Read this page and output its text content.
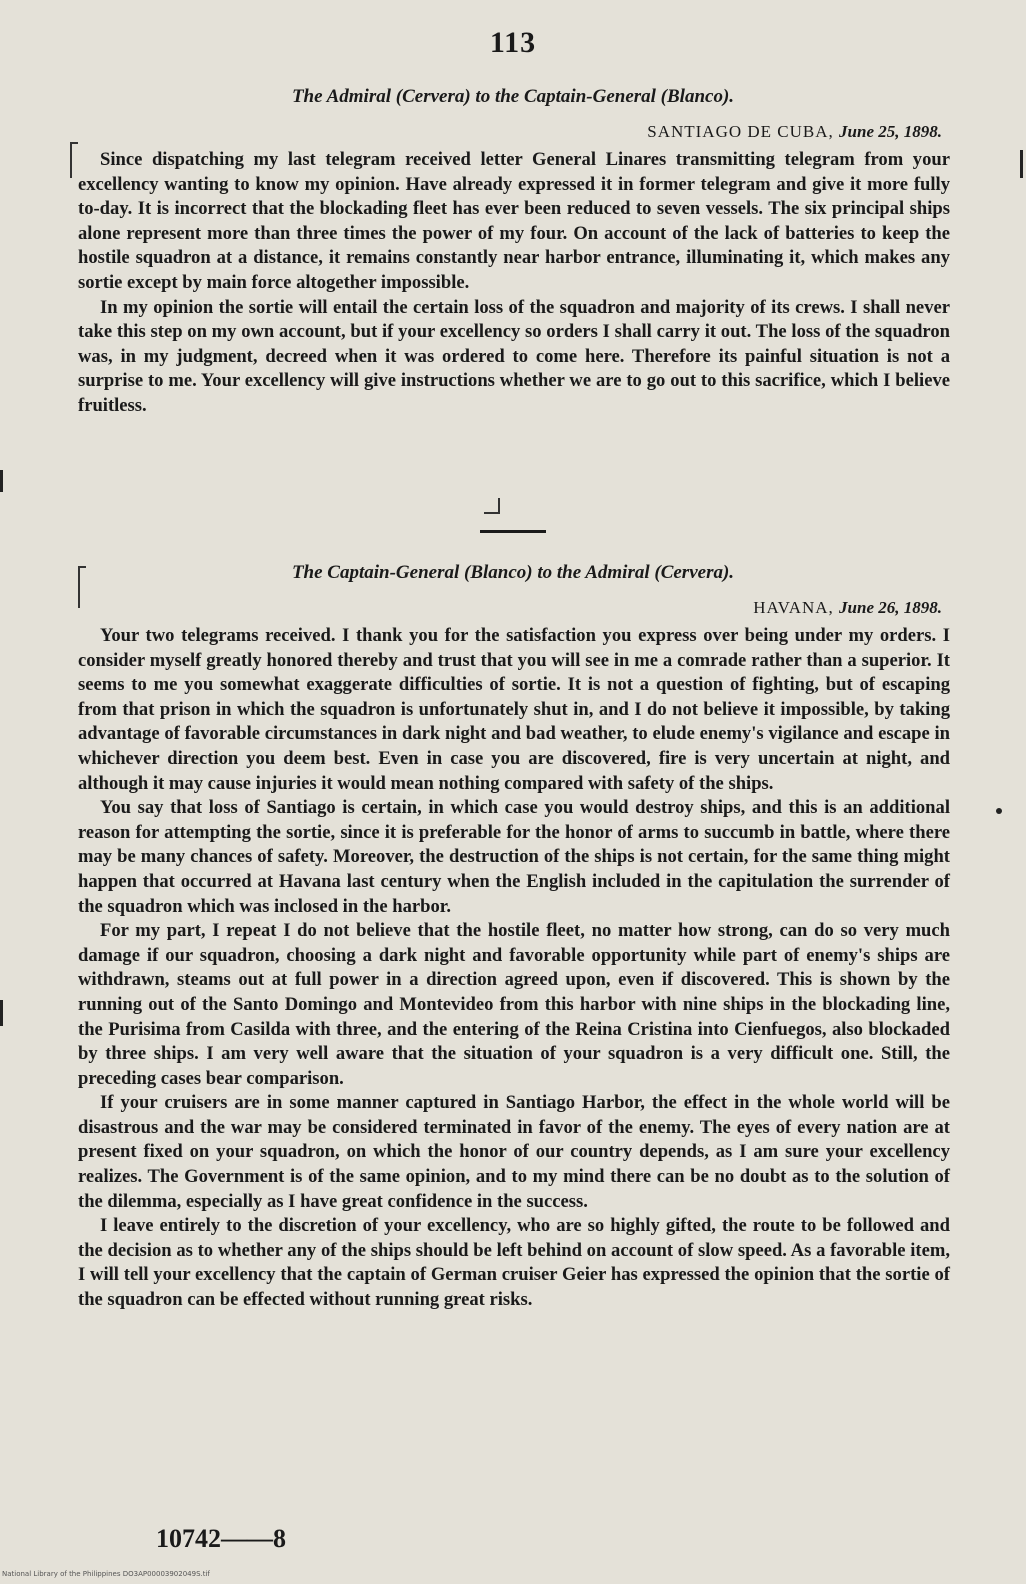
113
The Admiral (Cervera) to the Captain-General (Blanco).
SANTIAGO DE CUBA, June 25, 1898.

Since dispatching my last telegram received letter General Linares transmitting telegram from your excellency wanting to know my opinion. Have already expressed it in former telegram and give it more fully to-day. It is incorrect that the blockading fleet has ever been reduced to seven vessels. The six principal ships alone represent more than three times the power of my four. On account of the lack of batteries to keep the hostile squadron at a distance, it remains constantly near harbor entrance, illuminating it, which makes any sortie except by main force altogether impossible.

In my opinion the sortie will entail the certain loss of the squadron and majority of its crews. I shall never take this step on my own account, but if your excellency so orders I shall carry it out. The loss of the squadron was, in my judgment, decreed when it was ordered to come here. Therefore its painful situation is not a surprise to me. Your excellency will give instructions whether we are to go out to this sacrifice, which I believe fruitless.

The Captain-General (Blanco) to the Admiral (Cervera).
HAVANA, June 26, 1898.

Your two telegrams received. I thank you for the satisfaction you express over being under my orders. I consider myself greatly honored thereby and trust that you will see in me a comrade rather than a superior. It seems to me you somewhat exaggerate difficulties of sortie. It is not a question of fighting, but of escaping from that prison in which the squadron is unfortunately shut in, and I do not believe it impossible, by taking advantage of favorable circumstances in dark night and bad weather, to elude enemy's vigilance and escape in whichever direction you deem best. Even in case you are discovered, fire is very uncertain at night, and although it may cause injuries it would mean nothing compared with safety of the ships.

You say that loss of Santiago is certain, in which case you would destroy ships, and this is an additional reason for attempting the sortie, since it is preferable for the honor of arms to succumb in battle, where there may be many chances of safety. Moreover, the destruction of the ships is not certain, for the same thing might happen that occurred at Havana last century when the English included in the capitulation the surrender of the squadron which was inclosed in the harbor.

For my part, I repeat I do not believe that the hostile fleet, no matter how strong, can do so very much damage if our squadron, choosing a dark night and favorable opportunity while part of enemy's ships are withdrawn, steams out at full power in a direction agreed upon, even if discovered. This is shown by the running out of the Santo Domingo and Montevideo from this harbor with nine ships in the blockading line, the Purisima from Casilda with three, and the entering of the Reina Cristina into Cienfuegos, also blockaded by three ships. I am very well aware that the situation of your squadron is a very difficult one. Still, the preceding cases bear comparison.

If your cruisers are in some manner captured in Santiago Harbor, the effect in the whole world will be disastrous and the war may be considered terminated in favor of the enemy. The eyes of every nation are at present fixed on your squadron, on which the honor of our country depends, as I am sure your excellency realizes. The Government is of the same opinion, and to my mind there can be no doubt as to the solution of the dilemma, especially as I have great confidence in the success.

I leave entirely to the discretion of your excellency, who are so highly gifted, the route to be followed and the decision as to whether any of the ships should be left behind on account of slow speed. As a favorable item, I will tell your excellency that the captain of German cruiser Geier has expressed the opinion that the sortie of the squadron can be effected without running great risks.

10742——8
National Library of the Philippines DO3AP00003902049S.tif
